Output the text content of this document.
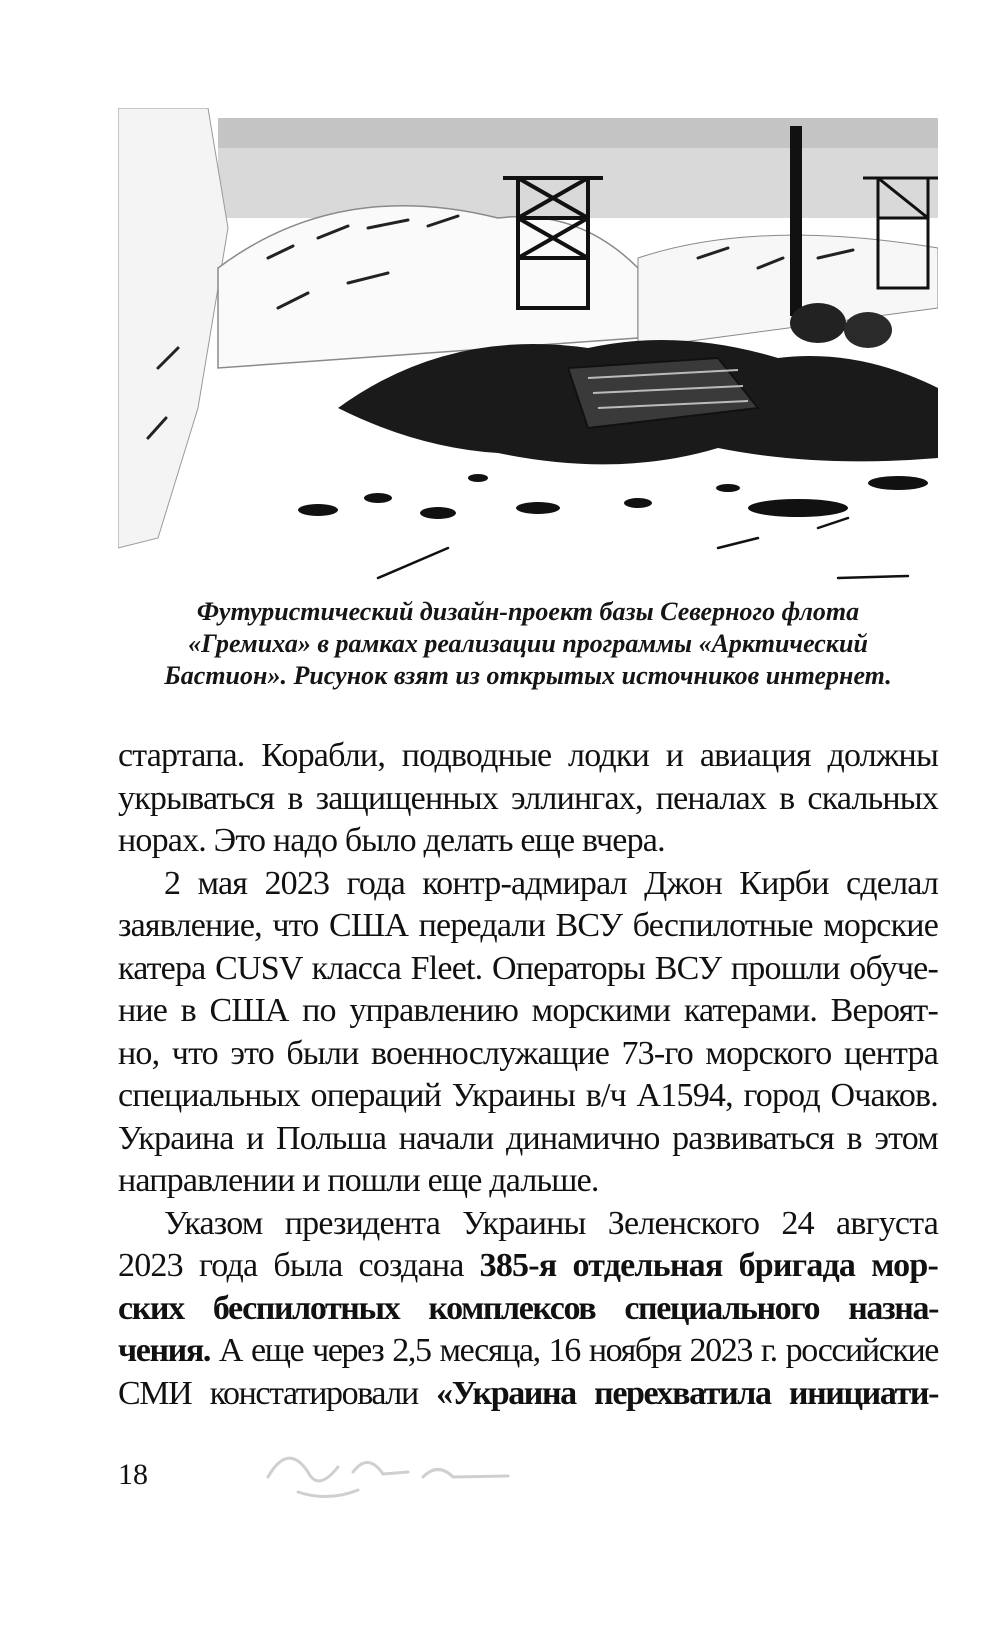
Футуристический дизайн-проект базы Северного флота
«Гремиха» в рамках реализации программы «Арктический
Бастион». Рисунок взят из открытых источников интернет.
стартапа. Корабли, подводные лодки и авиация должны
укрываться в защищенных эллингах, пеналах в скальных
норах. Это надо было делать еще вчера.
2 мая 2023 года контр-адмирал Джон Кирби сделал
заявление, что США передали ВСУ беспилотные морские
катера CUSV класса Fleet. Операторы ВСУ прошли обуче-
ние в США по управлению морскими катерами. Вероят-
но, что это были военнослужащие 73-го морского центра
специальных операций Украины в/ч А1594, город Очаков.
Украина и Польша начали динамично развиваться в этом
направлении и пошли еще дальше.
Указом президента Украины Зеленского 24 августа
2023 года была создана 385-я отдельная бригада мор-
ских беспилотных комплексов специального назна-
чения. А еще через 2,5 месяца, 16 ноября 2023 г. российские
СМИ констатировали «Украина перехватила инициати-
18
